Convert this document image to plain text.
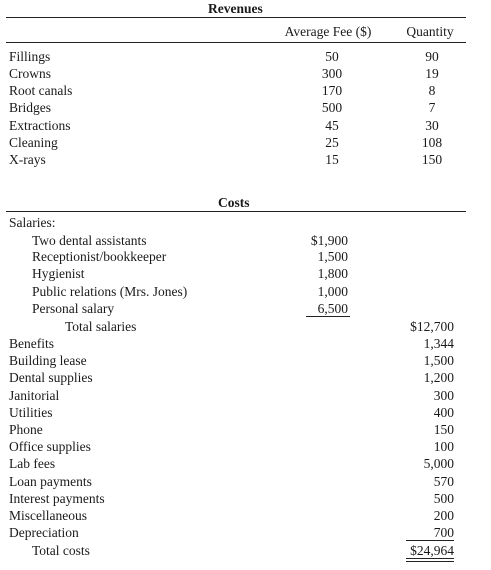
Revenues
Average Fee ($)	Quantity
Fillings	50	90
Crowns	300	19
Root canals	170	8
Bridges	500	7
Extractions	45	30
Cleaning	25	108
X-rays	15	150
Costs
Salaries:
Two dental assistants	$1,900
Receptionist/bookkeeper	1,500
Hygienist	1,800
Public relations (Mrs. Jones)	1,000
Personal salary	6,500
Total salaries	$12,700
Benefits	1,344
Building lease	1,500
Dental supplies	1,200
Janitorial	300
Utilities	400
Phone	150
Office supplies	100
Lab fees	5,000
Loan payments	570
Interest payments	500
Miscellaneous	200
Depreciation	700
Total costs	$24,964
